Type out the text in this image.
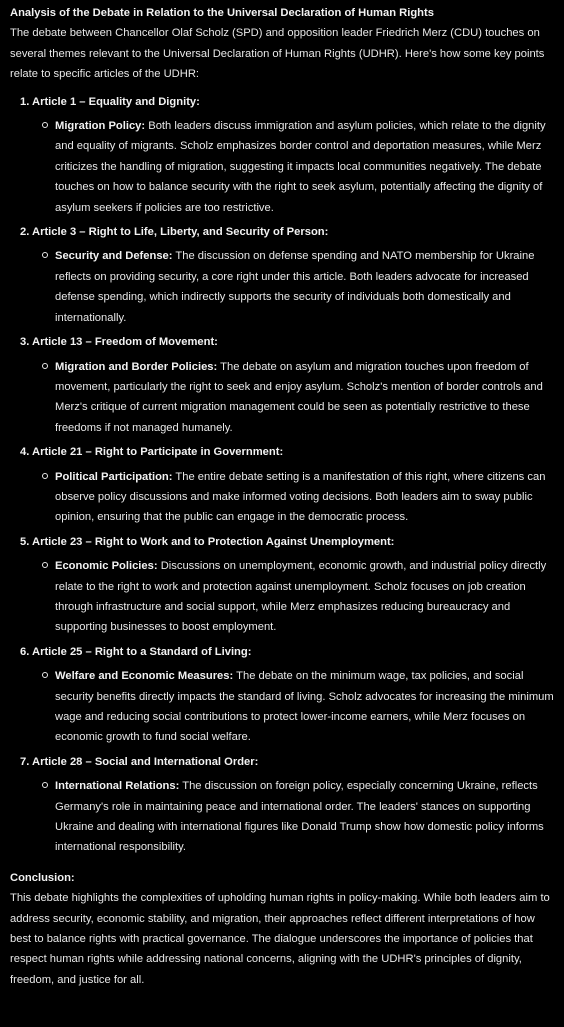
Analysis of the Debate in Relation to the Universal Declaration of Human Rights

The debate between Chancellor Olaf Scholz (SPD) and opposition leader Friedrich Merz (CDU) touches on several themes relevant to the Universal Declaration of Human Rights (UDHR). Here's how some key points relate to specific articles of the UDHR:

1. Article 1 – Equality and Dignity:
Migration Policy: Both leaders discuss immigration and asylum policies, which relate to the dignity and equality of migrants. Scholz emphasizes border control and deportation measures, while Merz criticizes the handling of migration, suggesting it impacts local communities negatively. The debate touches on how to balance security with the right to seek asylum, potentially affecting the dignity of asylum seekers if policies are too restrictive.
2. Article 3 – Right to Life, Liberty, and Security of Person:
Security and Defense: The discussion on defense spending and NATO membership for Ukraine reflects on providing security, a core right under this article. Both leaders advocate for increased defense spending, which indirectly supports the security of individuals both domestically and internationally.
3. Article 13 – Freedom of Movement:
Migration and Border Policies: The debate on asylum and migration touches upon freedom of movement, particularly the right to seek and enjoy asylum. Scholz's mention of border controls and Merz's critique of current migration management could be seen as potentially restrictive to these freedoms if not managed humanely.
4. Article 21 – Right to Participate in Government:
Political Participation: The entire debate setting is a manifestation of this right, where citizens can observe policy discussions and make informed voting decisions. Both leaders aim to sway public opinion, ensuring that the public can engage in the democratic process.
5. Article 23 – Right to Work and to Protection Against Unemployment:
Economic Policies: Discussions on unemployment, economic growth, and industrial policy directly relate to the right to work and protection against unemployment. Scholz focuses on job creation through infrastructure and social support, while Merz emphasizes reducing bureaucracy and supporting businesses to boost employment.
6. Article 25 – Right to a Standard of Living:
Welfare and Economic Measures: The debate on the minimum wage, tax policies, and social security benefits directly impacts the standard of living. Scholz advocates for increasing the minimum wage and reducing social contributions to protect lower-income earners, while Merz focuses on economic growth to fund social welfare.
7. Article 28 – Social and International Order:
International Relations: The discussion on foreign policy, especially concerning Ukraine, reflects Germany's role in maintaining peace and international order. The leaders' stances on supporting Ukraine and dealing with international figures like Donald Trump show how domestic policy informs international responsibility.
Conclusion:

This debate highlights the complexities of upholding human rights in policy-making. While both leaders aim to address security, economic stability, and migration, their approaches reflect different interpretations of how best to balance rights with practical governance. The dialogue underscores the importance of policies that respect human rights while addressing national concerns, aligning with the UDHR's principles of dignity, freedom, and justice for all.
